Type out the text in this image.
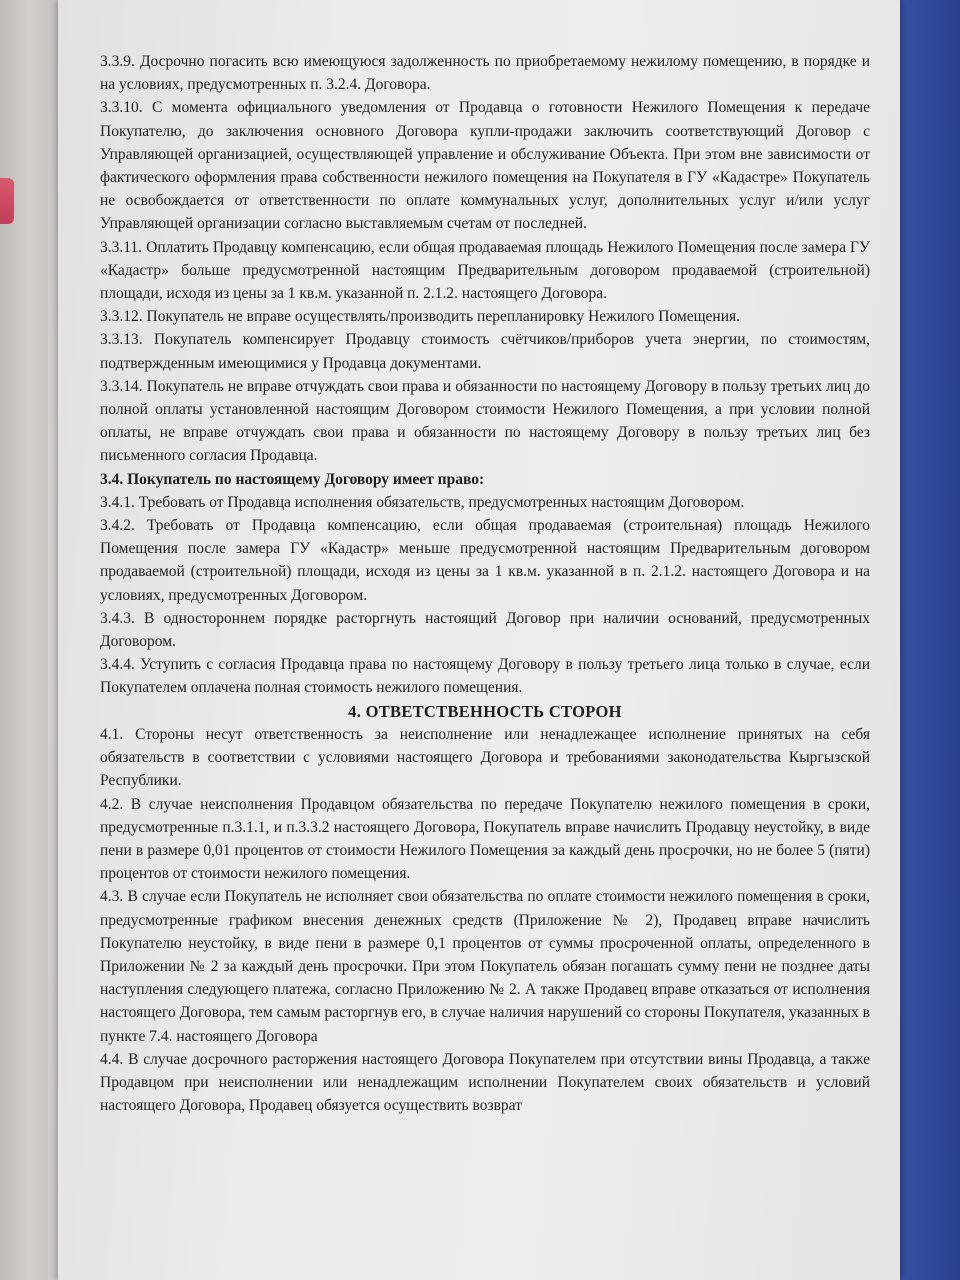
3.3.9. Досрочно погасить всю имеющуюся задолженность по приобретаемому нежилому помещению, в порядке и на условиях, предусмотренных п. 3.2.4. Договора.

3.3.10. С момента официального уведомления от Продавца о готовности Нежилого Помещения к передаче Покупателю, до заключения основного Договора купли-продажи заключить соответствующий Договор с Управляющей организацией, осуществляющей управление и обслуживание Объекта. При этом вне зависимости от фактического оформления права собственности нежилого помещения на Покупателя в ГУ «Кадастре» Покупатель не освобождается от ответственности по оплате коммунальных услуг, дополнительных услуг и/или услуг Управляющей организации согласно выставляемым счетам от последней.

3.3.11. Оплатить Продавцу компенсацию, если общая продаваемая площадь Нежилого Помещения после замера ГУ «Кадастр» больше предусмотренной настоящим Предварительным договором продаваемой (строительной) площади, исходя из цены за 1 кв.м. указанной п. 2.1.2. настоящего Договора.

3.3.12. Покупатель не вправе осуществлять/производить перепланировку Нежилого Помещения.

3.3.13. Покупатель компенсирует Продавцу стоимость счётчиков/приборов учета энергии, по стоимостям, подтвержденным имеющимися у Продавца документами.

3.3.14. Покупатель не вправе отчуждать свои права и обязанности по настоящему Договору в пользу третьих лиц до полной оплаты установленной настоящим Договором стоимости Нежилого Помещения, а при условии полной оплаты, не вправе отчуждать свои права и обязанности по настоящему Договору в пользу третьих лиц без письменного согласия Продавца.

3.4. Покупатель по настоящему Договору имеет право:

3.4.1. Требовать от Продавца исполнения обязательств, предусмотренных настоящим Договором.

3.4.2. Требовать от Продавца компенсацию, если общая продаваемая (строительная) площадь Нежилого Помещения после замера ГУ «Кадастр» меньше предусмотренной настоящим Предварительным договором продаваемой (строительной) площади, исходя из цены за 1 кв.м. указанной в п. 2.1.2. настоящего Договора и на условиях, предусмотренных Договором.

3.4.3. В одностороннем порядке расторгнуть настоящий Договор при наличии оснований, предусмотренных Договором.

3.4.4. Уступить с согласия Продавца права по настоящему Договору в пользу третьего лица только в случае, если Покупателем оплачена полная стоимость нежилого помещения.

4. ОТВЕТСТВЕННОСТЬ СТОРОН

4.1. Стороны несут ответственность за неисполнение или ненадлежащее исполнение принятых на себя обязательств в соответствии с условиями настоящего Договора и требованиями законодательства Кыргызской Республики.

4.2. В случае неисполнения Продавцом обязательства по передаче Покупателю нежилого помещения в сроки, предусмотренные п.3.1.1, и п.3.3.2 настоящего Договора, Покупатель вправе начислить Продавцу неустойку, в виде пени в размере 0,01 процентов от стоимости Нежилого Помещения за каждый день просрочки, но не более 5 (пяти) процентов от стоимости нежилого помещения.

4.3. В случае если Покупатель не исполняет свои обязательства по оплате стоимости нежилого помещения в сроки, предусмотренные графиком внесения денежных средств (Приложение № 2), Продавец вправе начислить Покупателю неустойку, в виде пени в размере 0,1 процентов от суммы просроченной оплаты, определенного в Приложении № 2 за каждый день просрочки. При этом Покупатель обязан погашать сумму пени не позднее даты наступления следующего платежа, согласно Приложению № 2. А также Продавец вправе отказаться от исполнения настоящего Договора, тем самым расторгнув его, в случае наличия нарушений со стороны Покупателя, указанных в пункте 7.4. настоящего Договора

4.4. В случае досрочного расторжения настоящего Договора Покупателем при отсутствии вины Продавца, а также Продавцом при неисполнении или ненадлежащим исполнении Покупателем своих обязательств и условий настоящего Договора, Продавец обязуется осуществить возврат
